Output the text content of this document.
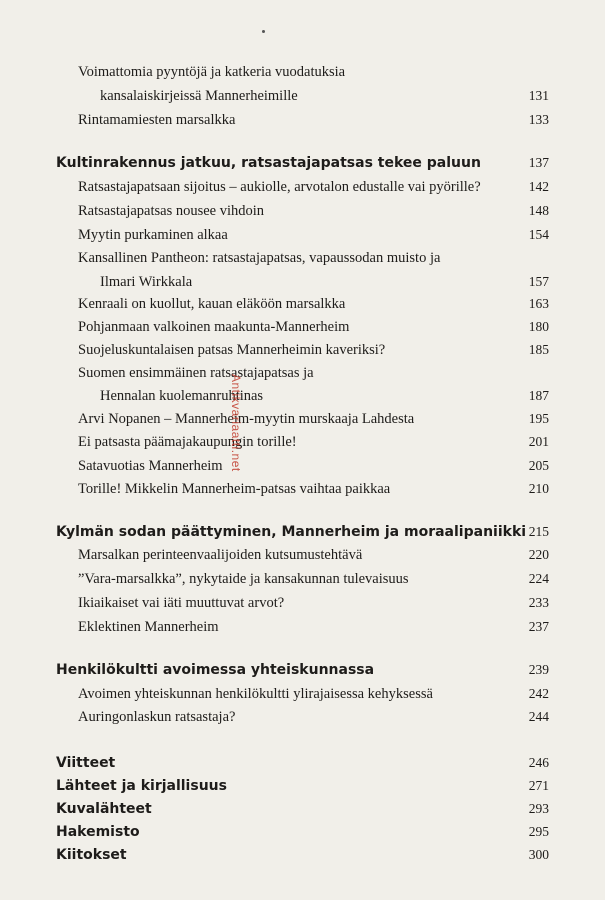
Voimattomia pyyntöjä ja katkeria vuodatuksia
kansalaiskirjeissä Mannerheimille	131
Rintamamiesten marsalkka	133
Kultinrakennus jatkuu, ratsastajapatsas tekee paluun	137
Ratsastajapatsaan sijoitus – aukiolle, arvotalon edustalle vai pyörille?	142
Ratsastajapatsas nousee vihdoin	148
Myytin purkaminen alkaa	154
Kansallinen Pantheon: ratsastajapatsas, vapaussodan muisto ja
Ilmari Wirkkala	157
Kenraali on kuollut, kauan eläköön marsalkka	163
Pohjanmaan valkoinen maakunta-Mannerheim	180
Suojeluskuntalaisen patsas Mannerheimin kaveriksi?	185
Suomen ensimmäinen ratsastajapatsas ja
Hennalan kuolemanruhtinas	187
Arvi Nopanen – Mannerheim-myytin murskaaja Lahdesta	195
Ei patsasta päämajakaupungin torille!	201
Satavuotias Mannerheim	205
Torille! Mikkelin Mannerheim-patsas vaihtaa paikkaa	210
Kylmän sodan päättyminen, Mannerheim ja moraalipaniikki 215
Marsalkan perinteenvaalijoiden kutsumustehtävä	220
”Vara-marsalkka”, nykytaide ja kansakunnan tulevaisuus	224
Ikiaikaiset vai iäti muuttuvat arvot?	233
Eklektinen Mannerheim	237
Henkilökultti avoimessa yhteiskunnassa	239
Avoimen yhteiskunnan henkilökultti ylirajaisessa kehyksessä	242
Auringonlaskun ratsastaja?	244
Viitteet	246
Lähteet ja kirjallisuus	271
Kuvalähteet	293
Hakemisto	295
Kiitokset	300
Antikvariaatti.net
